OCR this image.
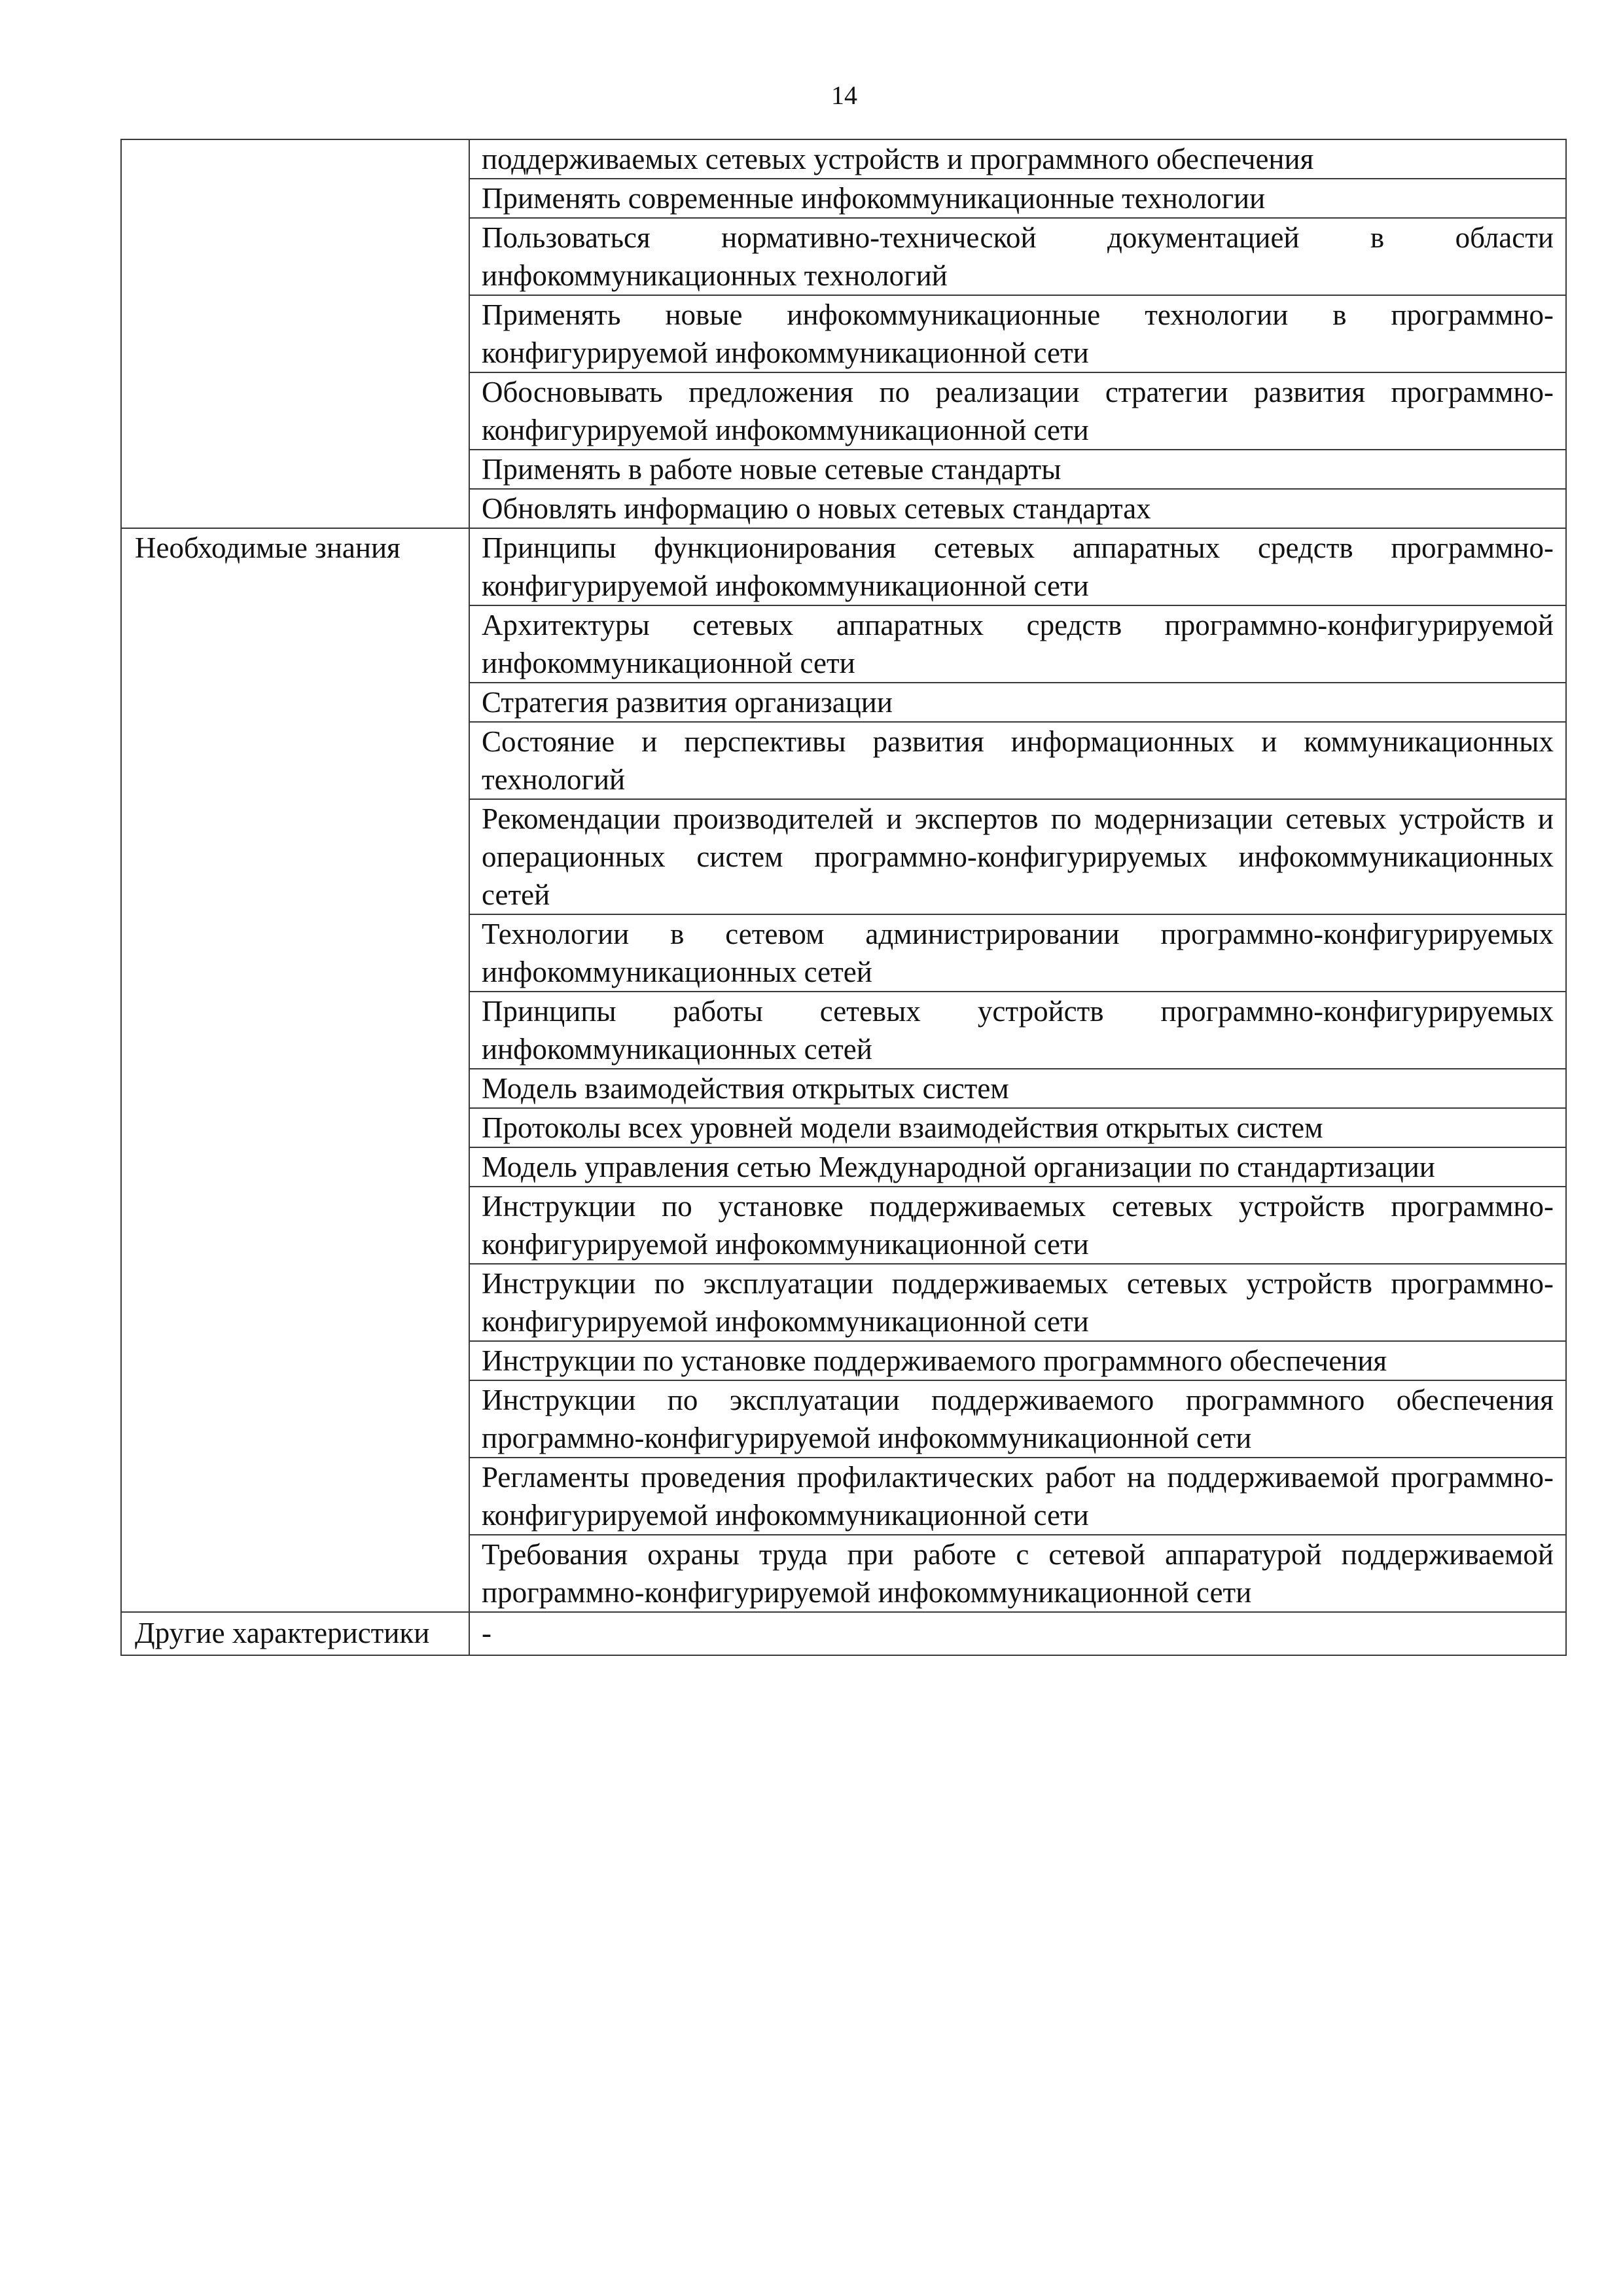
14
	поддерживаемых сетевых устройств и программного обеспечения
	Применять современные инфокоммуникационные технологии
	Пользоваться нормативно-технической документацией в области инфокоммуникационных технологий
	Применять новые инфокоммуникационные технологии в программно-конфигурируемой инфокоммуникационной сети
	Обосновывать предложения по реализации стратегии развития программно-конфигурируемой инфокоммуникационной сети
	Применять в работе новые сетевые стандарты
	Обновлять информацию о новых сетевых стандартах
Необходимые знания	Принципы функционирования сетевых аппаратных средств программно-конфигурируемой инфокоммуникационной сети
	Архитектуры сетевых аппаратных средств программно-конфигурируемой инфокоммуникационной сети
	Стратегия развития организации
	Состояние и перспективы развития информационных и коммуникационных технологий
	Рекомендации производителей и экспертов по модернизации сетевых устройств и операционных систем программно-конфигурируемых инфокоммуникационных сетей
	Технологии в сетевом администрировании программно-конфигурируемых инфокоммуникационных сетей
	Принципы работы сетевых устройств программно-конфигурируемых инфокоммуникационных сетей
	Модель взаимодействия открытых систем
	Протоколы всех уровней модели взаимодействия открытых систем
	Модель управления сетью Международной организации по стандартизации
	Инструкции по установке поддерживаемых сетевых устройств программно-конфигурируемой инфокоммуникационной сети
	Инструкции по эксплуатации поддерживаемых сетевых устройств программно-конфигурируемой инфокоммуникационной сети
	Инструкции по установке поддерживаемого программного обеспечения
	Инструкции по эксплуатации поддерживаемого программного обеспечения программно-конфигурируемой инфокоммуникационной сети
	Регламенты проведения профилактических работ на поддерживаемой программно-конфигурируемой инфокоммуникационной сети
	Требования охраны труда при работе с сетевой аппаратурой поддерживаемой программно-конфигурируемой инфокоммуникационной сети
Другие характеристики	-
